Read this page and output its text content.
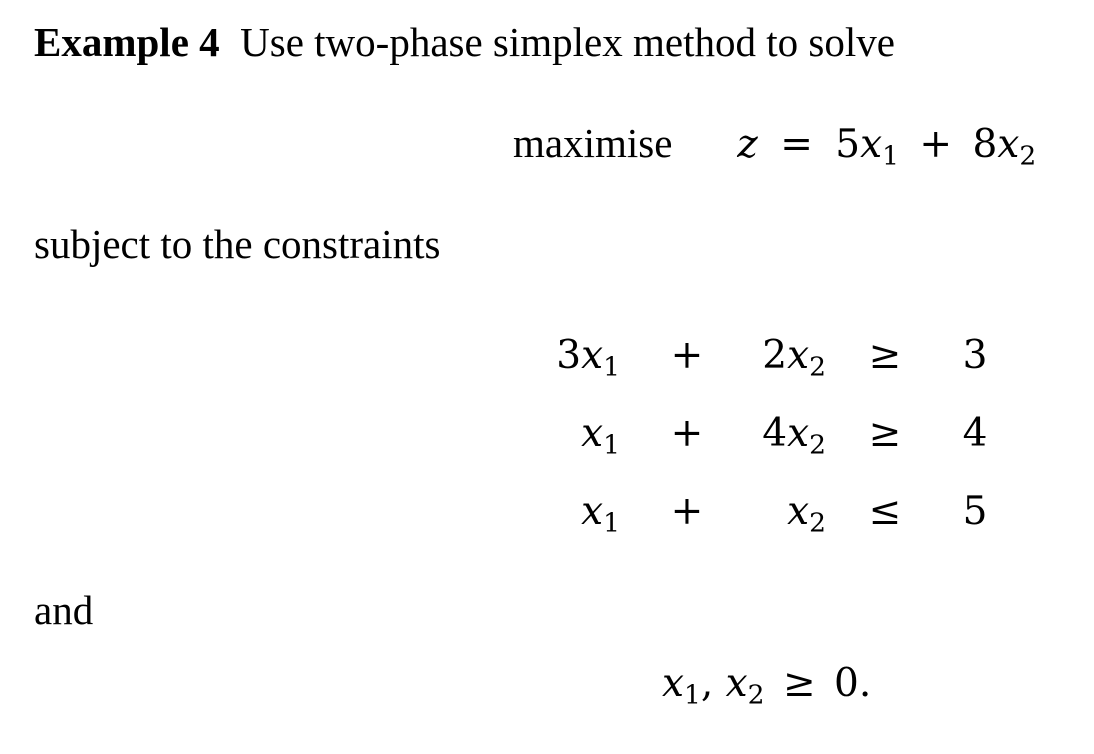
Example 4 Use two-phase simplex method to solve
maximise $z = 5x_1 + 8x_2$
subject to the constraints
$3x_1 + 2x_2$ ≥	3
$x_1 + 4x_2$ ≥	4
$x_1 + x_2$ ≤	5
and
$x_1$, $x_2 \ge 0$.
